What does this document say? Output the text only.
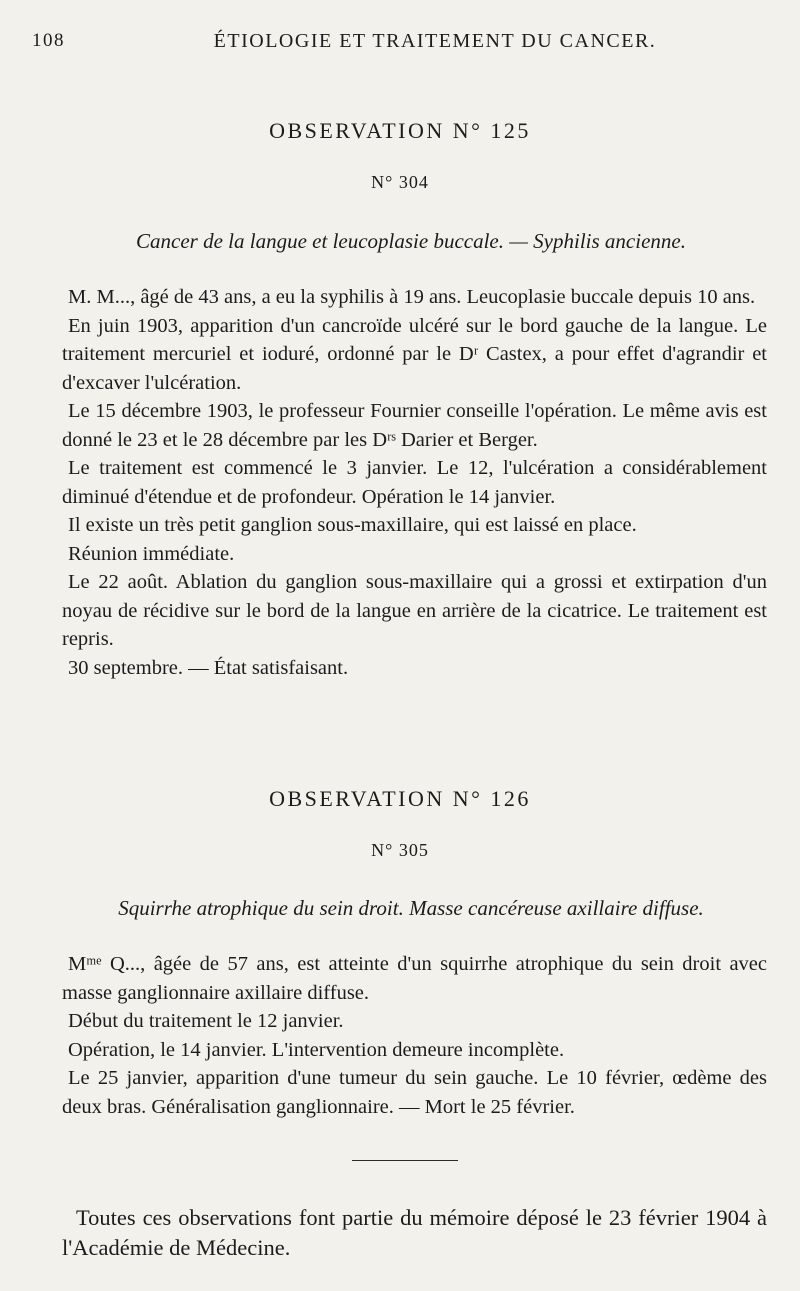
108	ÉTIOLOGIE ET TRAITEMENT DU CANCER.
OBSERVATION N° 125
N° 304
Cancer de la langue et leucoplasie buccale. — Syphilis ancienne.

M. M..., âgé de 43 ans, a eu la syphilis à 19 ans. Leucoplasie buccale depuis 10 ans.

En juin 1903, apparition d'un cancroïde ulcéré sur le bord gauche de la langue. Le traitement mercuriel et ioduré, ordonné par le Dʳ Castex, a pour effet d'agrandir et d'excaver l'ulcération.

Le 15 décembre 1903, le professeur Fournier conseille l'opération. Le même avis est donné le 23 et le 28 décembre par les Dʳˢ Darier et Berger.

Le traitement est commencé le 3 janvier. Le 12, l'ulcération a considérablement diminué d'étendue et de profondeur. Opération le 14 janvier.

Il existe un très petit ganglion sous-maxillaire, qui est laissé en place.

Réunion immédiate.

Le 22 août. Ablation du ganglion sous-maxillaire qui a grossi et extirpation d'un noyau de récidive sur le bord de la langue en arrière de la cicatrice. Le traitement est repris.

30 septembre. — État satisfaisant.

OBSERVATION N° 126
N° 305
Squirrhe atrophique du sein droit. Masse cancéreuse axillaire diffuse.

Mᵐᵉ Q..., âgée de 57 ans, est atteinte d'un squirrhe atrophique du sein droit avec masse ganglionnaire axillaire diffuse.

Début du traitement le 12 janvier.

Opération, le 14 janvier. L'intervention demeure incomplète.

Le 25 janvier, apparition d'une tumeur du sein gauche. Le 10 février, œdème des deux bras. Généralisation ganglionnaire. — Mort le 25 février.

Toutes ces observations font partie du mémoire déposé le 23 février 1904 à l'Académie de Médecine.
